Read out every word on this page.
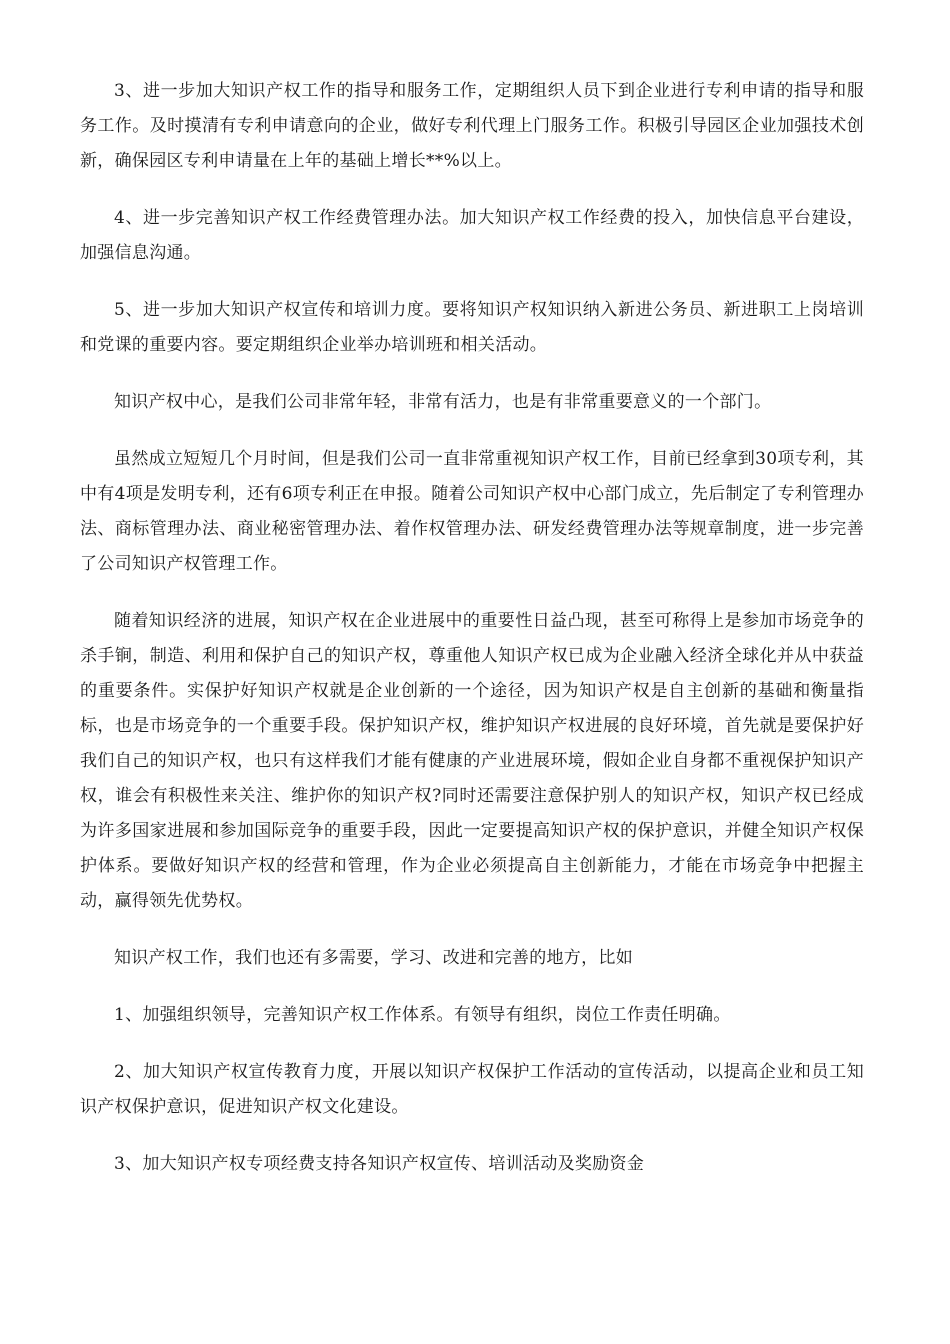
3、进一步加大知识产权工作的指导和服务工作，定期组织人员下到企业进行专利申请的指导和服务工作。及时摸清有专利申请意向的企业，做好专利代理上门服务工作。积极引导园区企业加强技术创新，确保园区专利申请量在上年的基础上增长**%以上。

4、进一步完善知识产权工作经费管理办法。加大知识产权工作经费的投入，加快信息平台建设，加强信息沟通。

5、进一步加大知识产权宣传和培训力度。要将知识产权知识纳入新进公务员、新进职工上岗培训和党课的重要内容。要定期组织企业举办培训班和相关活动。

知识产权中心，是我们公司非常年轻，非常有活力，也是有非常重要意义的一个部门。

虽然成立短短几个月时间，但是我们公司一直非常重视知识产权工作，目前已经拿到30项专利，其中有4项是发明专利，还有6项专利正在申报。随着公司知识产权中心部门成立，先后制定了专利管理办法、商标管理办法、商业秘密管理办法、着作权管理办法、研发经费管理办法等规章制度，进一步完善了公司知识产权管理工作。

随着知识经济的进展，知识产权在企业进展中的重要性日益凸现，甚至可称得上是参加市场竞争的杀手锏，制造、利用和保护自己的知识产权，尊重他人知识产权已成为企业融入经济全球化并从中获益的重要条件。实保护好知识产权就是企业创新的一个途径，因为知识产权是自主创新的基础和衡量指标，也是市场竞争的一个重要手段。保护知识产权，维护知识产权进展的良好环境，首先就是要保护好我们自己的知识产权，也只有这样我们才能有健康的产业进展环境，假如企业自身都不重视保护知识产权，谁会有积极性来关注、维护你的知识产权?同时还需要注意保护别人的知识产权，知识产权已经成为许多国家进展和参加国际竞争的重要手段，因此一定要提高知识产权的保护意识，并健全知识产权保护体系。要做好知识产权的经营和管理，作为企业必须提高自主创新能力，才能在市场竞争中把握主动，赢得领先优势权。

知识产权工作，我们也还有多需要，学习、改进和完善的地方，比如

1、加强组织领导，完善知识产权工作体系。有领导有组织，岗位工作责任明确。

2、加大知识产权宣传教育力度，开展以知识产权保护工作活动的宣传活动，以提高企业和员工知识产权保护意识，促进知识产权文化建设。

3、加大知识产权专项经费支持各知识产权宣传、培训活动及奖励资金
